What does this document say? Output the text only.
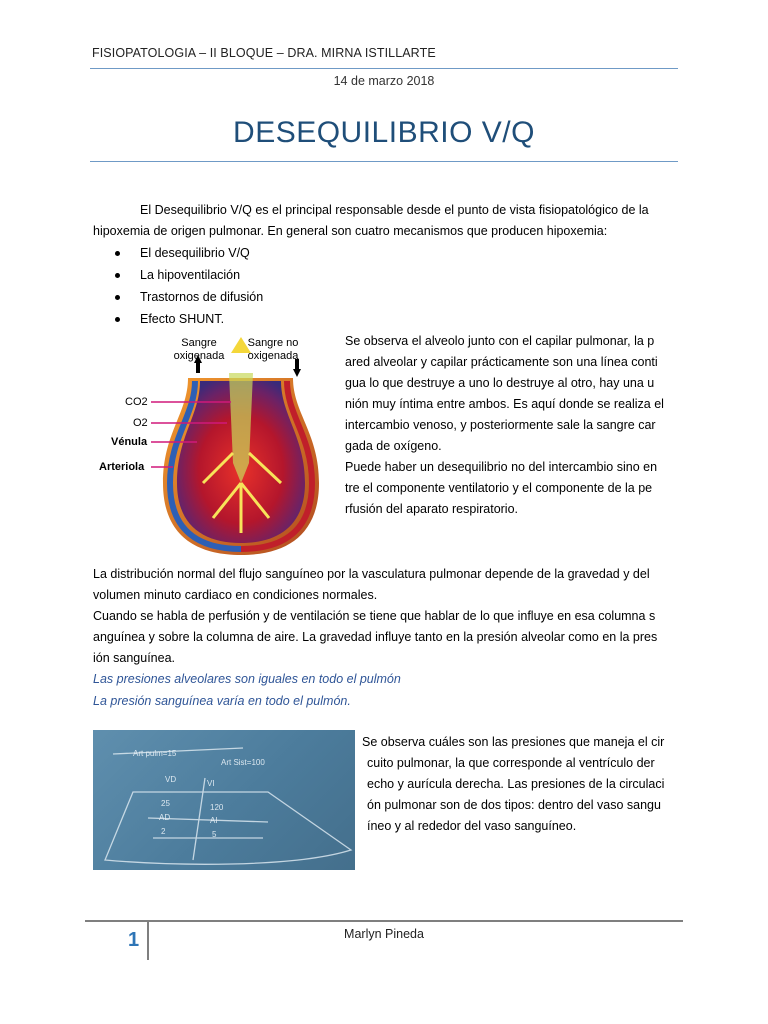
FISIOPATOLOGIA – II BLOQUE – DRA. MIRNA ISTILLARTE
14 de marzo 2018
DESEQUILIBRIO V/Q
El Desequilibrio V/Q es el principal responsable desde el punto de vista fisiopatológico de la
hipoxemia de origen pulmonar. En general son cuatro mecanismos que producen hipoxemia:
El desequilibrio V/Q
La hipoventilación
Trastornos de difusión
Efecto SHUNT.
Sangre
oxigenada
Sangre no
oxigenada
CO2
O2
Vénula
Arteriola
Se observa el alveolo junto con el capilar pulmonar, la p
ared alveolar y capilar prácticamente son una línea conti
gua lo que destruye a uno lo destruye al otro, hay una u
nión muy íntima entre ambos. Es aquí donde se realiza el
intercambio venoso, y posteriormente sale la sangre car
gada de oxígeno.
Puede haber un desequilibrio no del intercambio sino en
tre el componente ventilatorio y el componente de la pe
rfusión del aparato respiratorio.
La distribución normal del flujo sanguíneo por la vasculatura pulmonar depende de la gravedad y del
volumen minuto cardiaco en condiciones normales.
Cuando se habla de perfusión y de ventilación se tiene que hablar de lo que influye en esa columna s
anguínea y sobre la columna de aire. La gravedad influye tanto en la presión alveolar como en la pres
ión sanguínea.
Las presiones alveolares son iguales en todo el pulmón
La presión sanguínea varía en todo el pulmón.
Art pulm=15
Art Sist=100
VD	VI
25	120
AD	AI
2	5
Se observa cuáles son las presiones que maneja el cir
cuito pulmonar, la que corresponde al ventrículo der
echo y aurícula derecha. Las presiones de la circulaci
ón pulmonar son de dos tipos: dentro del vaso sangu
íneo y al rededor del vaso sanguíneo.
1	Marlyn Pineda
